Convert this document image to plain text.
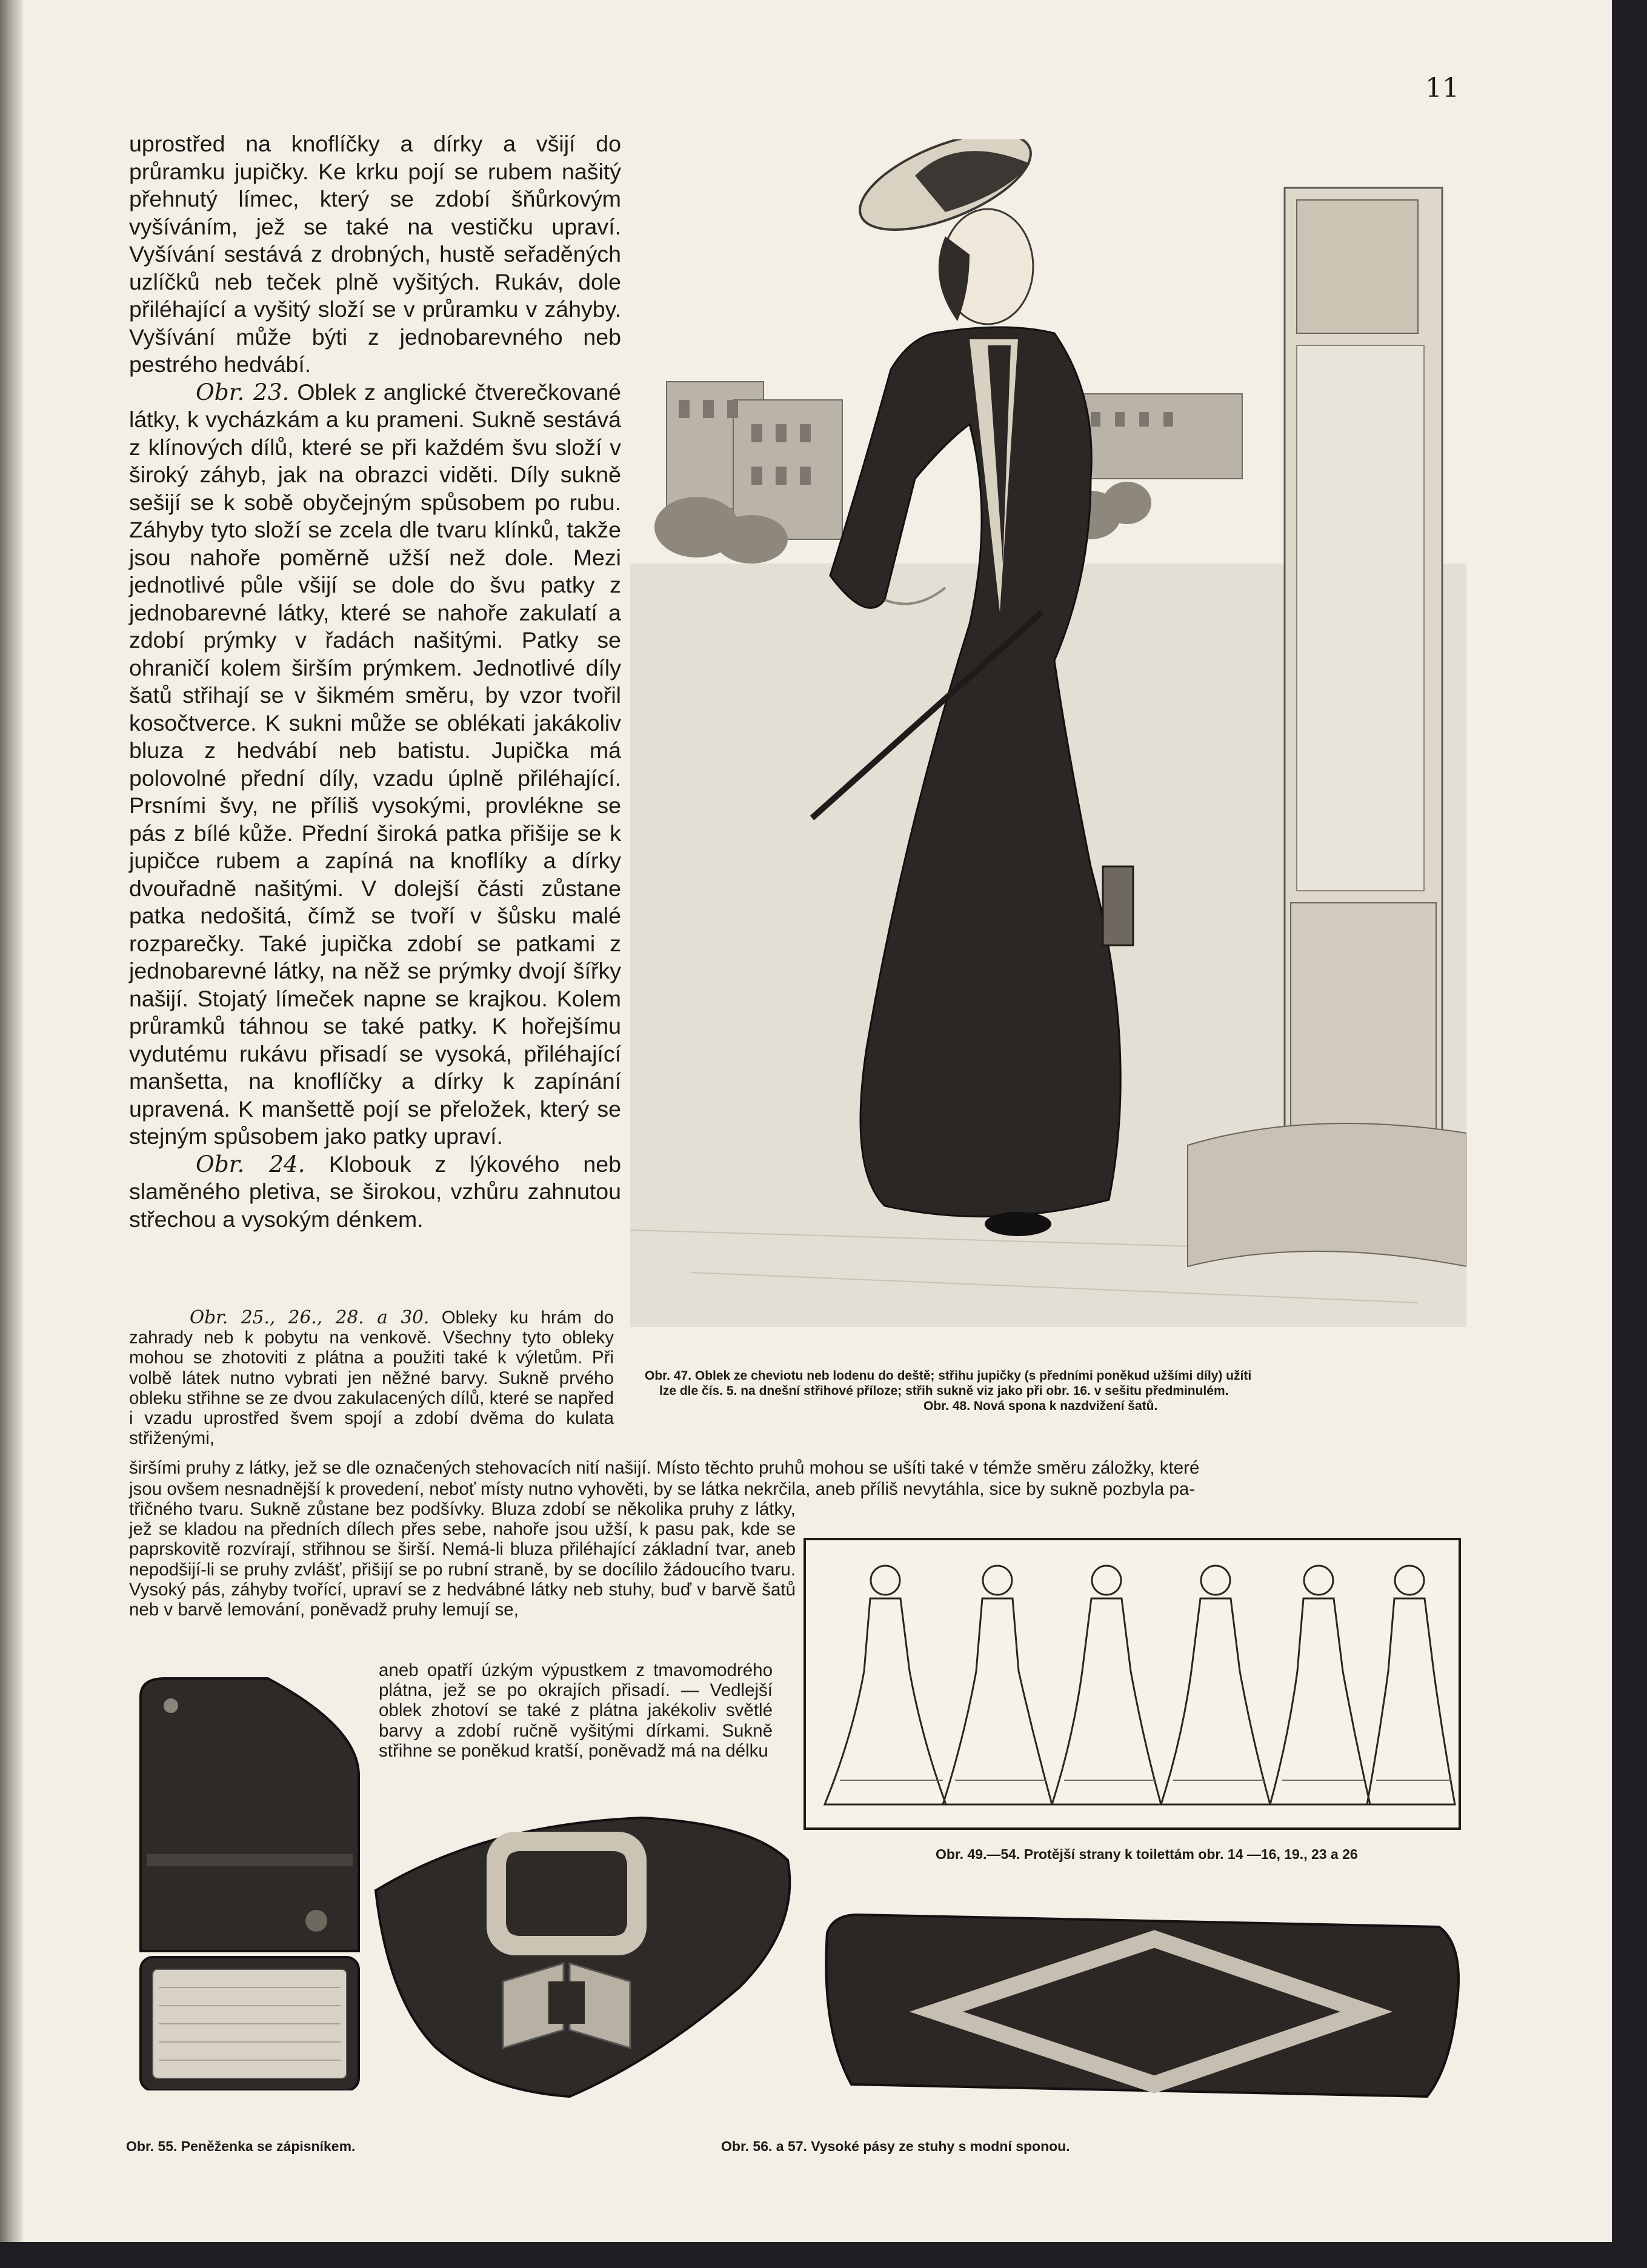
11

uprostřed na knoflíčky a dírky a všijí do průramku jupičky. Ke krku pojí se rubem našitý přehnutý límec, který se zdobí šňůrkovým vyšíváním, jež se také na vestičku upraví. Vyšívání sestává z drobných, hustě seřaděných uzlíčků neb teček plně vyšitých. Rukáv, dole přiléhající a vyšitý složí se v průramku v záhyby. Vyšívání může býti z jednobarevného neb pestrého hedvábí.

Obr. 23. Oblek z anglické čtverečkované látky, k vycházkám a ku prameni. Sukně sestává z klínových dílů, které se při každém švu složí v široký záhyb, jak na obrazci viděti. Díly sukně sešijí se k sobě obyčejným spůsobem po rubu. Záhyby tyto složí se zcela dle tvaru klínků, takže jsou nahoře poměrně užší než dole. Mezi jednotlivé půle všijí se dole do švu patky z jednobarevné látky, které se nahoře zakulatí a zdobí prýmky v řadách našitými. Patky se ohraničí kolem širším prýmkem. Jednotlivé díly šatů střihají se v šikmém směru, by vzor tvořil kosočtverce. K sukni může se oblékati jakákoliv bluza z hedvábí neb batistu. Jupička má polovolné přední díly, vzadu úplně přiléhající. Prsními švy, ne příliš vysokými, provlékne se pás z bílé kůže. Přední široká patka přišije se k jupičce rubem a zapíná na knoflíky a dírky dvouřadně našitými. V dolejší části zůstane patka nedošitá, čímž se tvoří v šůsku malé rozparečky. Také jupička zdobí se patkami z jednobarevné látky, na něž se prýmky dvojí šířky našijí. Stojatý límeček napne se krajkou. Kolem průramků táhnou se také patky. K hořejšímu vydutému rukávu přisadí se vysoká, přiléhající manšetta, na knoflíčky a dírky k zapínání upravená. K manšettě pojí se přeložek, který se stejným spůsobem jako patky upraví.

Obr. 24. Klobouk z lýkového neb slaměného pletiva, se širokou, vzhůru zahnutou střechou a vysokým dénkem.

Obr. 25., 26., 28. a 30. Obleky ku hrám do zahrady neb k pobytu na venkově. Všechny tyto obleky mohou se zhotoviti z plátna a použiti také k výletům. Při volbě látek nutno vybrati jen něžné barvy. Sukně prvého obleku střihne se ze dvou zakulacených dílů, které se napřed i vzadu uprostřed švem spojí a zdobí dvěma do kulata střiženými,
širšími pruhy z látky, jež se dle označených stehovacích nití našijí. Místo těchto pruhů mohou se ušíti také v témže směru záložky, které
jsou ovšem nesnadnější k provedení, neboť místy nutno vyhověti, by se látka nekrčila, aneb příliš nevytáhla, sice by sukně pozbyla pa-
třičného tvaru. Sukně zůstane bez podšívky. Bluza zdobí se několika pruhy z látky, jež se kladou na předních dílech přes sebe, nahoře jsou užší, k pasu pak, kde se paprskovitě rozvírají, střihnou se širší. Nemá-li bluza přiléhající základní tvar, aneb nepodšijí-li se pruhy zvlášť, přišijí se po rubní straně, by se docílilo žádoucího tvaru. Vysoký pás, záhyby tvořící, upraví se z hedvábné látky neb stuhy, buď v barvě šatů neb v barvě lemování, poněvadž pruhy lemují se,
aneb opatří úzkým výpustkem z tmavomodrého plátna, jež se po okrajích přisadí. — Vedlejší oblek zhotoví se také z plátna jakékoliv světlé barvy a zdobí ručně vyšitými dírkami. Sukně střihne se poněkud kratší, poněvadž má na délku
Obr. 47. Oblek ze cheviotu neb lodenu do deště; střihu jupičky (s předními poněkud užšími díly) užíti
lze dle čís. 5. na dnešní střihové příloze; střih sukně viz jako při obr. 16. v sešitu předminulém.
Obr. 48. Nová spona k nazdvižení šatů.
Obr. 49.—54. Protější strany k toilettám obr. 14 —16, 19., 23 a 26
Obr. 55. Peněženka se zápisníkem.	Obr. 56. a 57. Vysoké pásy ze stuhy s modní sponou.
